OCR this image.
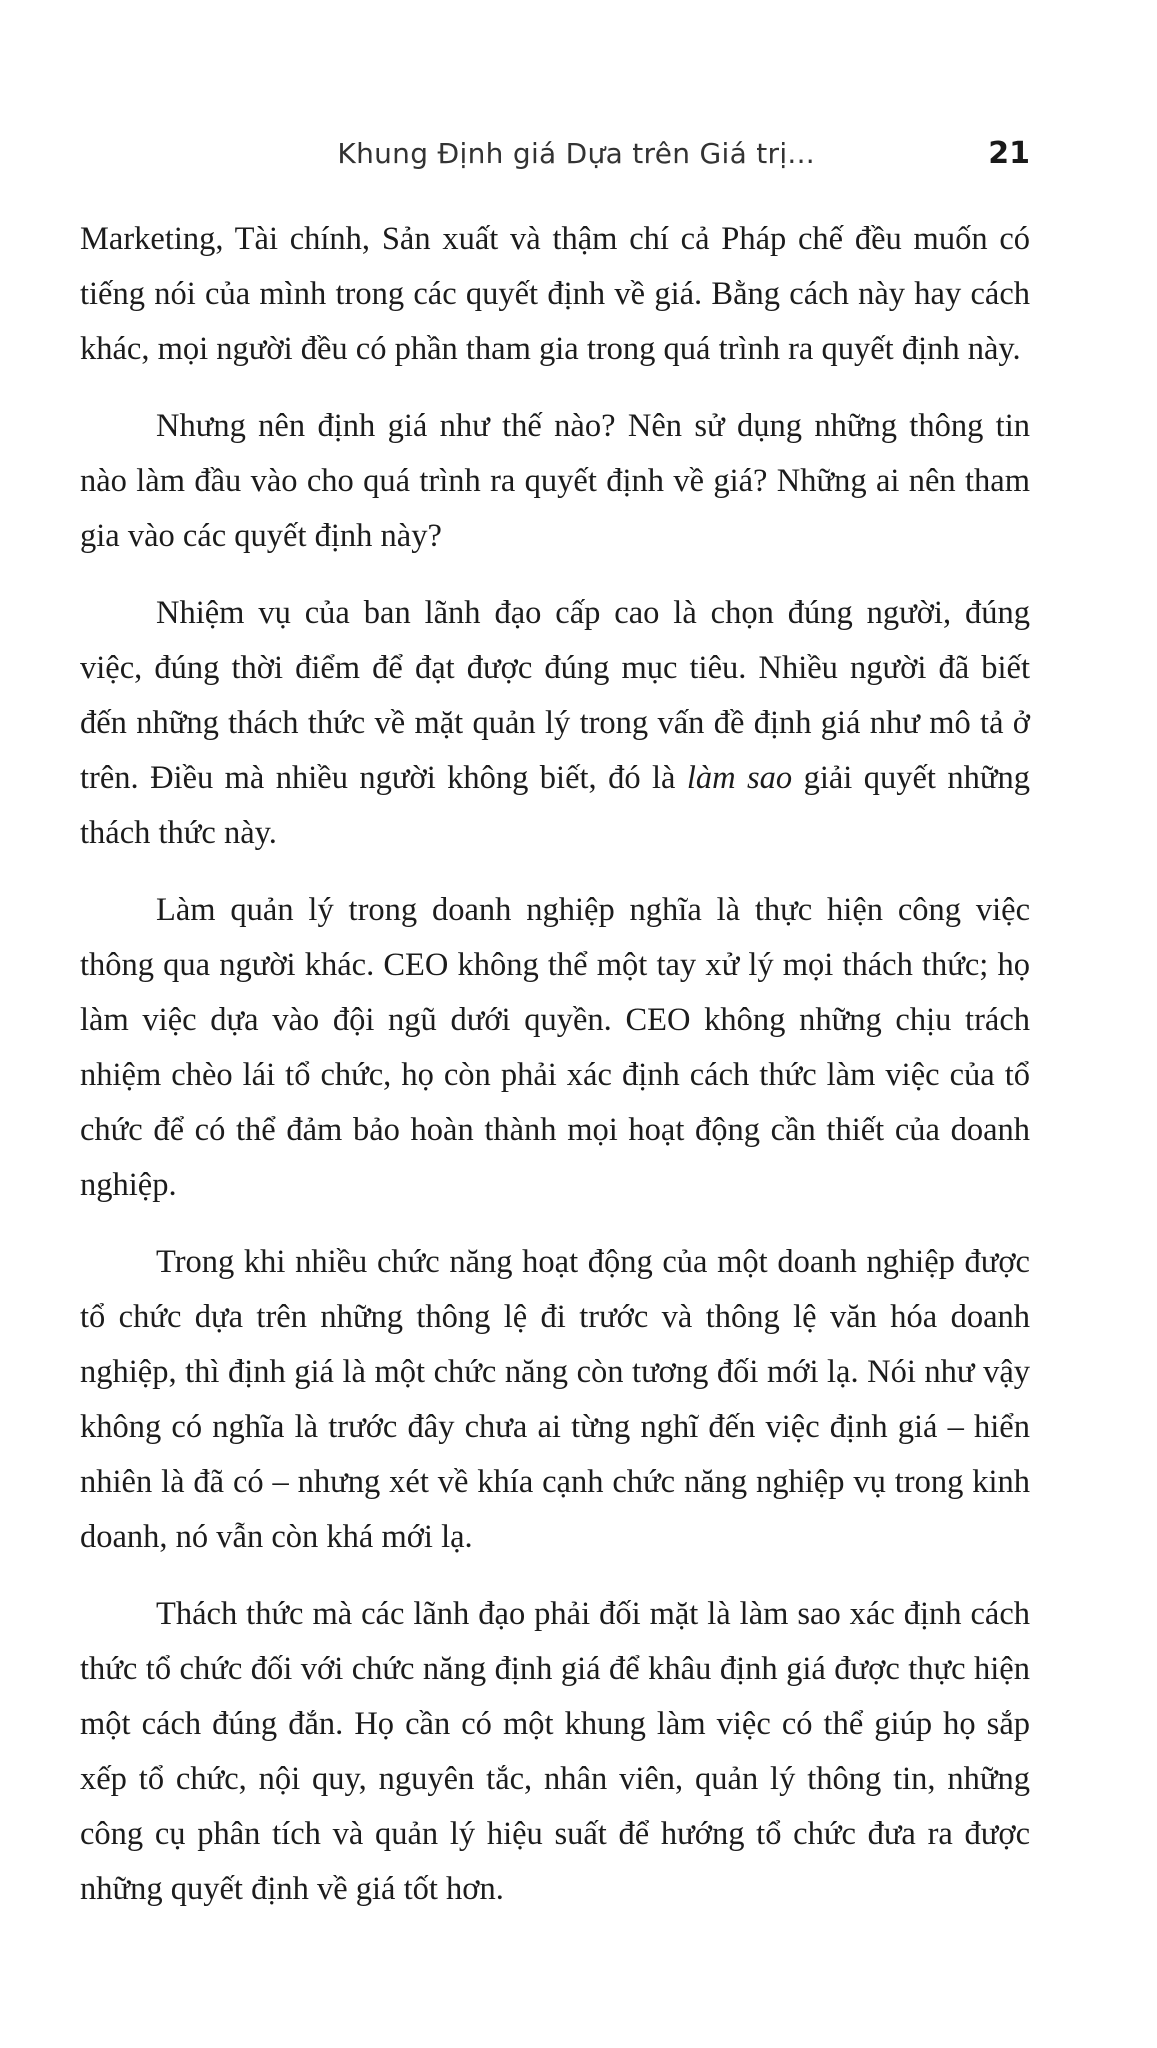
Khung Định giá Dựa trên Giá trị...	21

Marketing, Tài chính, Sản xuất và thậm chí cả Pháp chế đều muốn có tiếng nói của mình trong các quyết định về giá. Bằng cách này hay cách khác, mọi người đều có phần tham gia trong quá trình ra quyết định này.

Nhưng nên định giá như thế nào? Nên sử dụng những thông tin nào làm đầu vào cho quá trình ra quyết định về giá? Những ai nên tham gia vào các quyết định này?

Nhiệm vụ của ban lãnh đạo cấp cao là chọn đúng người, đúng việc, đúng thời điểm để đạt được đúng mục tiêu. Nhiều người đã biết đến những thách thức về mặt quản lý trong vấn đề định giá như mô tả ở trên. Điều mà nhiều người không biết, đó là làm sao giải quyết những thách thức này.

Làm quản lý trong doanh nghiệp nghĩa là thực hiện công việc thông qua người khác. CEO không thể một tay xử lý mọi thách thức; họ làm việc dựa vào đội ngũ dưới quyền. CEO không những chịu trách nhiệm chèo lái tổ chức, họ còn phải xác định cách thức làm việc của tổ chức để có thể đảm bảo hoàn thành mọi hoạt động cần thiết của doanh nghiệp.

Trong khi nhiều chức năng hoạt động của một doanh nghiệp được tổ chức dựa trên những thông lệ đi trước và thông lệ văn hóa doanh nghiệp, thì định giá là một chức năng còn tương đối mới lạ. Nói như vậy không có nghĩa là trước đây chưa ai từng nghĩ đến việc định giá – hiển nhiên là đã có – nhưng xét về khía cạnh chức năng nghiệp vụ trong kinh doanh, nó vẫn còn khá mới lạ.

Thách thức mà các lãnh đạo phải đối mặt là làm sao xác định cách thức tổ chức đối với chức năng định giá để khâu định giá được thực hiện một cách đúng đắn. Họ cần có một khung làm việc có thể giúp họ sắp xếp tổ chức, nội quy, nguyên tắc, nhân viên, quản lý thông tin, những công cụ phân tích và quản lý hiệu suất để hướng tổ chức đưa ra được những quyết định về giá tốt hơn.
